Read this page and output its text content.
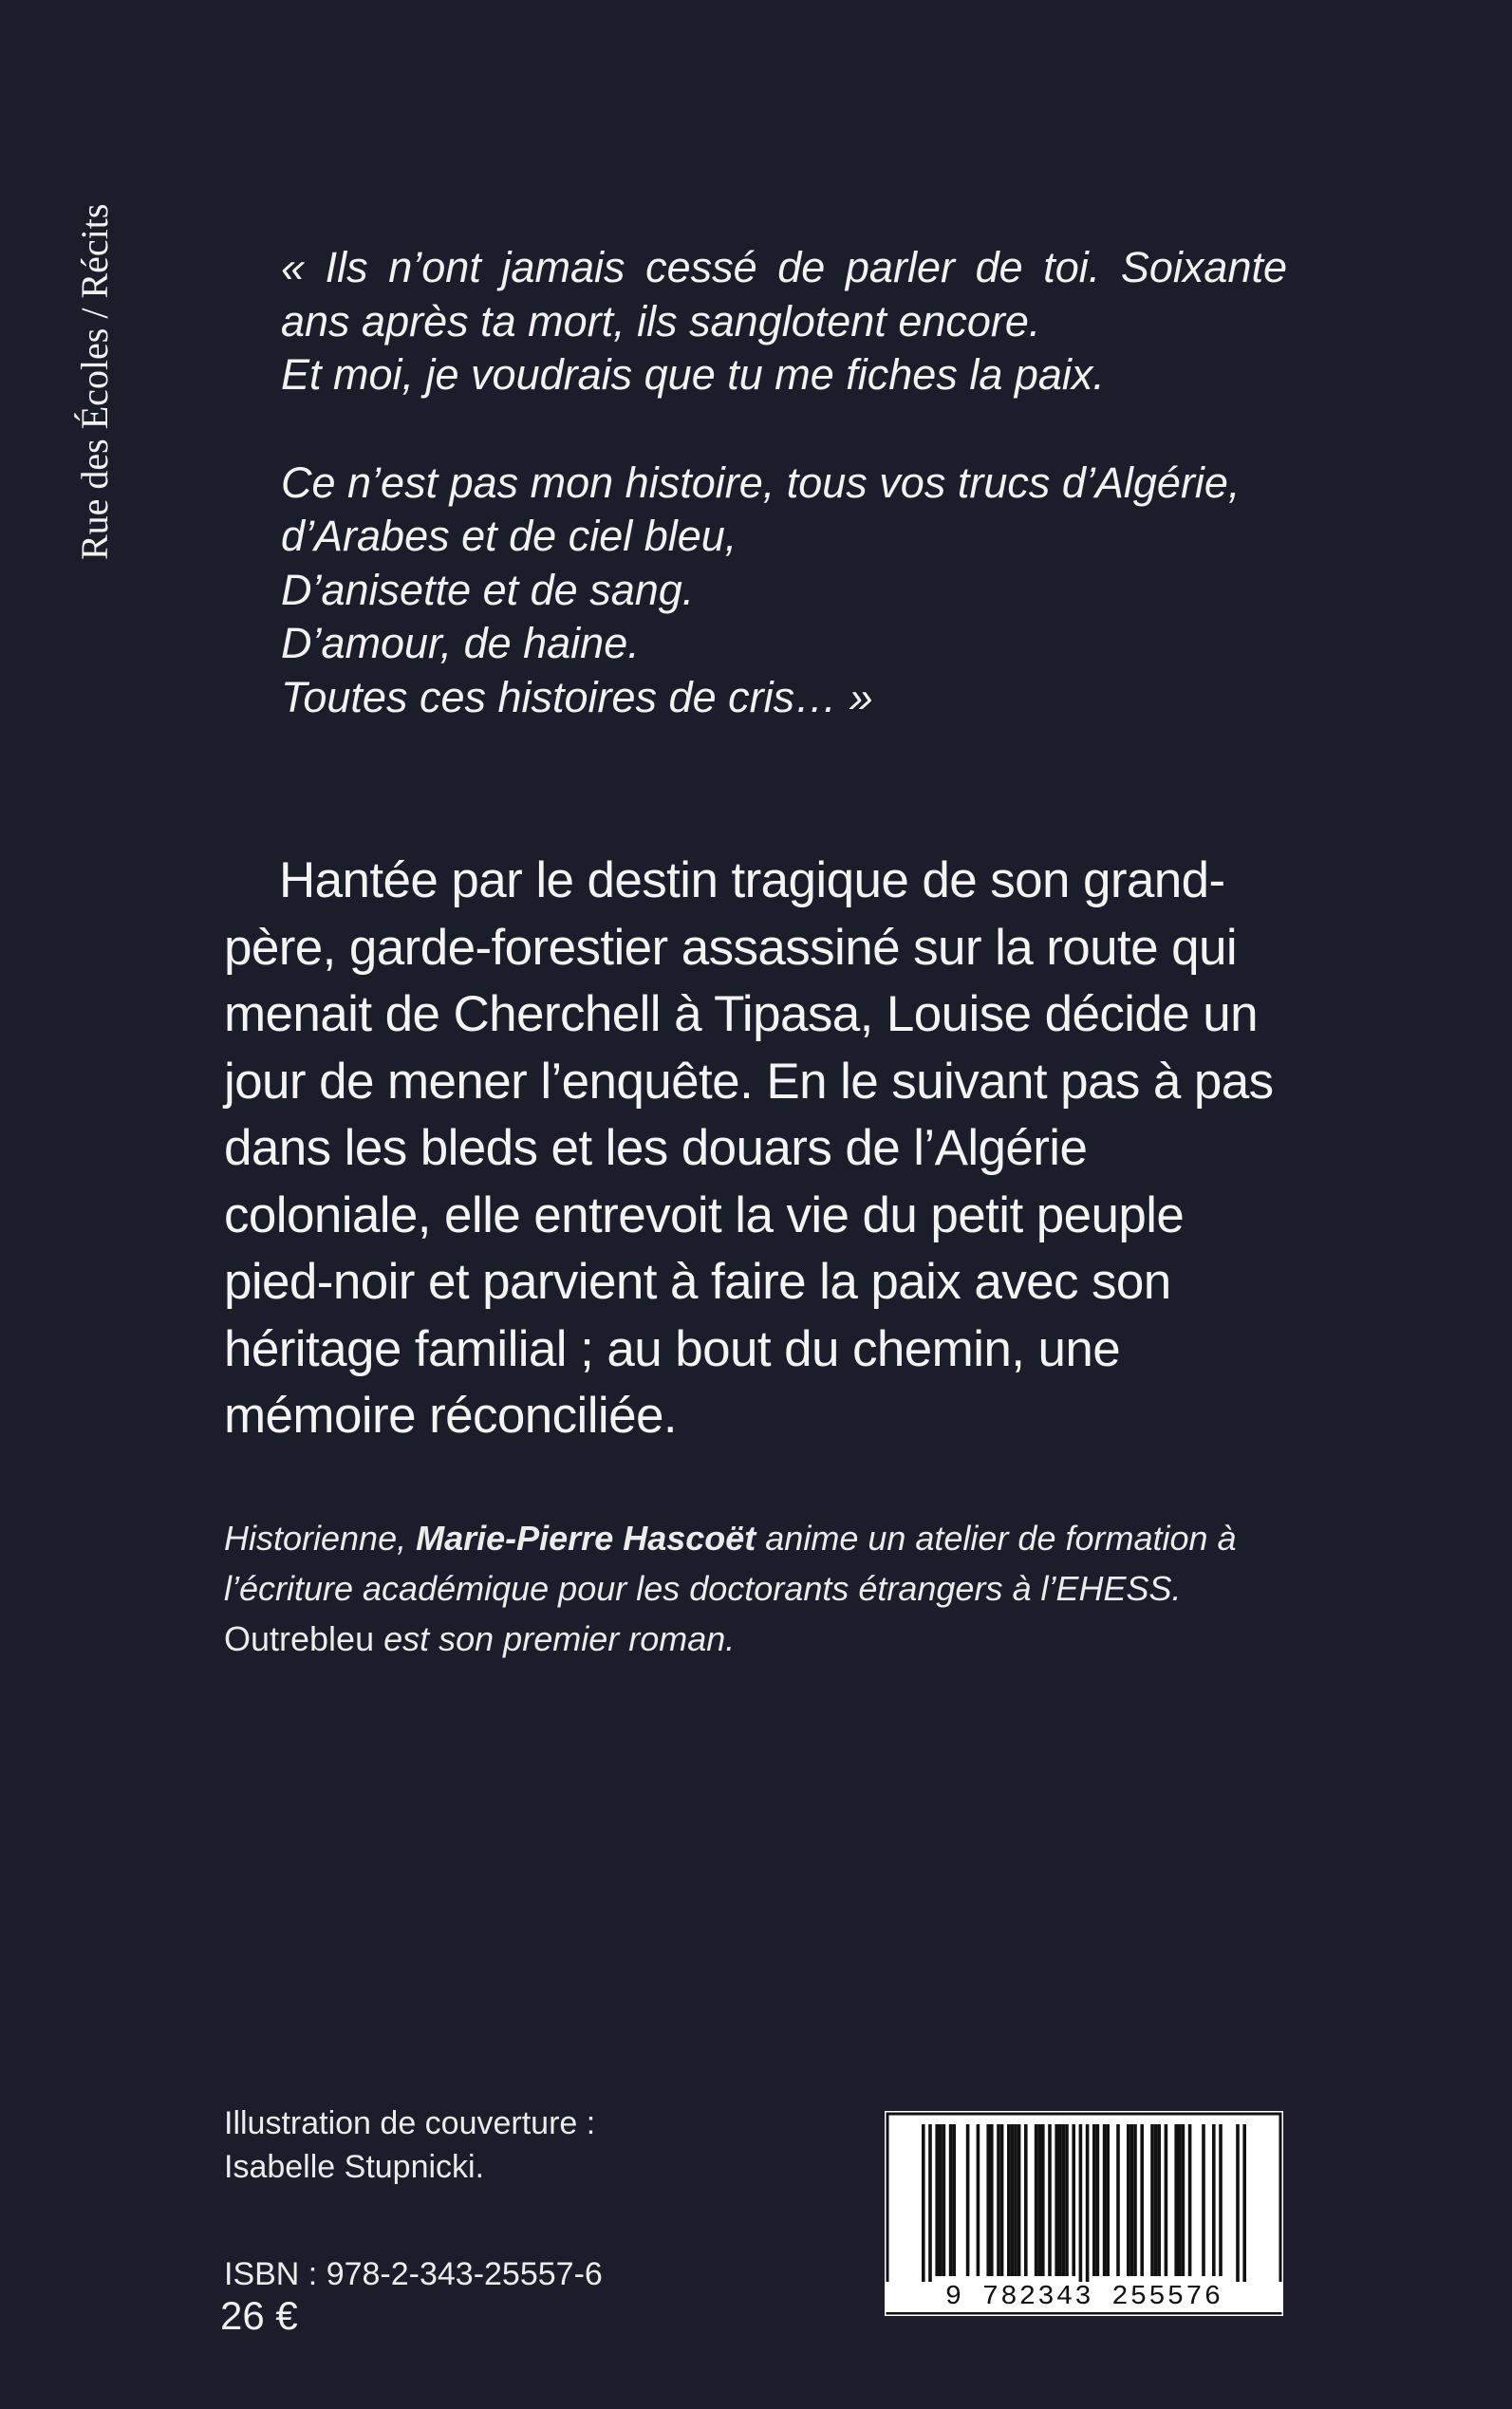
Rue des Écoles / Récits	« Ils n’ont jamais cessé de parler de toi. Soixante ans après ta mort, ils sanglotent encore.
Et moi, je voudrais que tu me fiches la paix.

Ce n’est pas mon histoire, tous vos trucs d’Algérie, d’Arabes et de ciel bleu,
D’anisette et de sang.
D’amour, de haine.
Toutes ces histoires de cris… »

Hantée par le destin tragique de son grand-père, garde-forestier assassiné sur la route qui menait de Cherchell à Tipasa, Louise décide un jour de mener l’enquête. En le suivant pas à pas dans les bleds et les douars de l’Algérie coloniale, elle entrevoit la vie du petit peuple pied-noir et parvient à faire la paix avec son héritage familial ; au bout du chemin, une mémoire réconciliée.

Historienne, Marie-Pierre Hascoët anime un atelier de formation à l’écriture académique pour les doctorants étrangers à l’EHESS. Outrebleu est son premier roman.

Illustration de couverture :
Isabelle Stupnicki.

ISBN : 978-2-343-25557-6
26 €	9 782343 255576
